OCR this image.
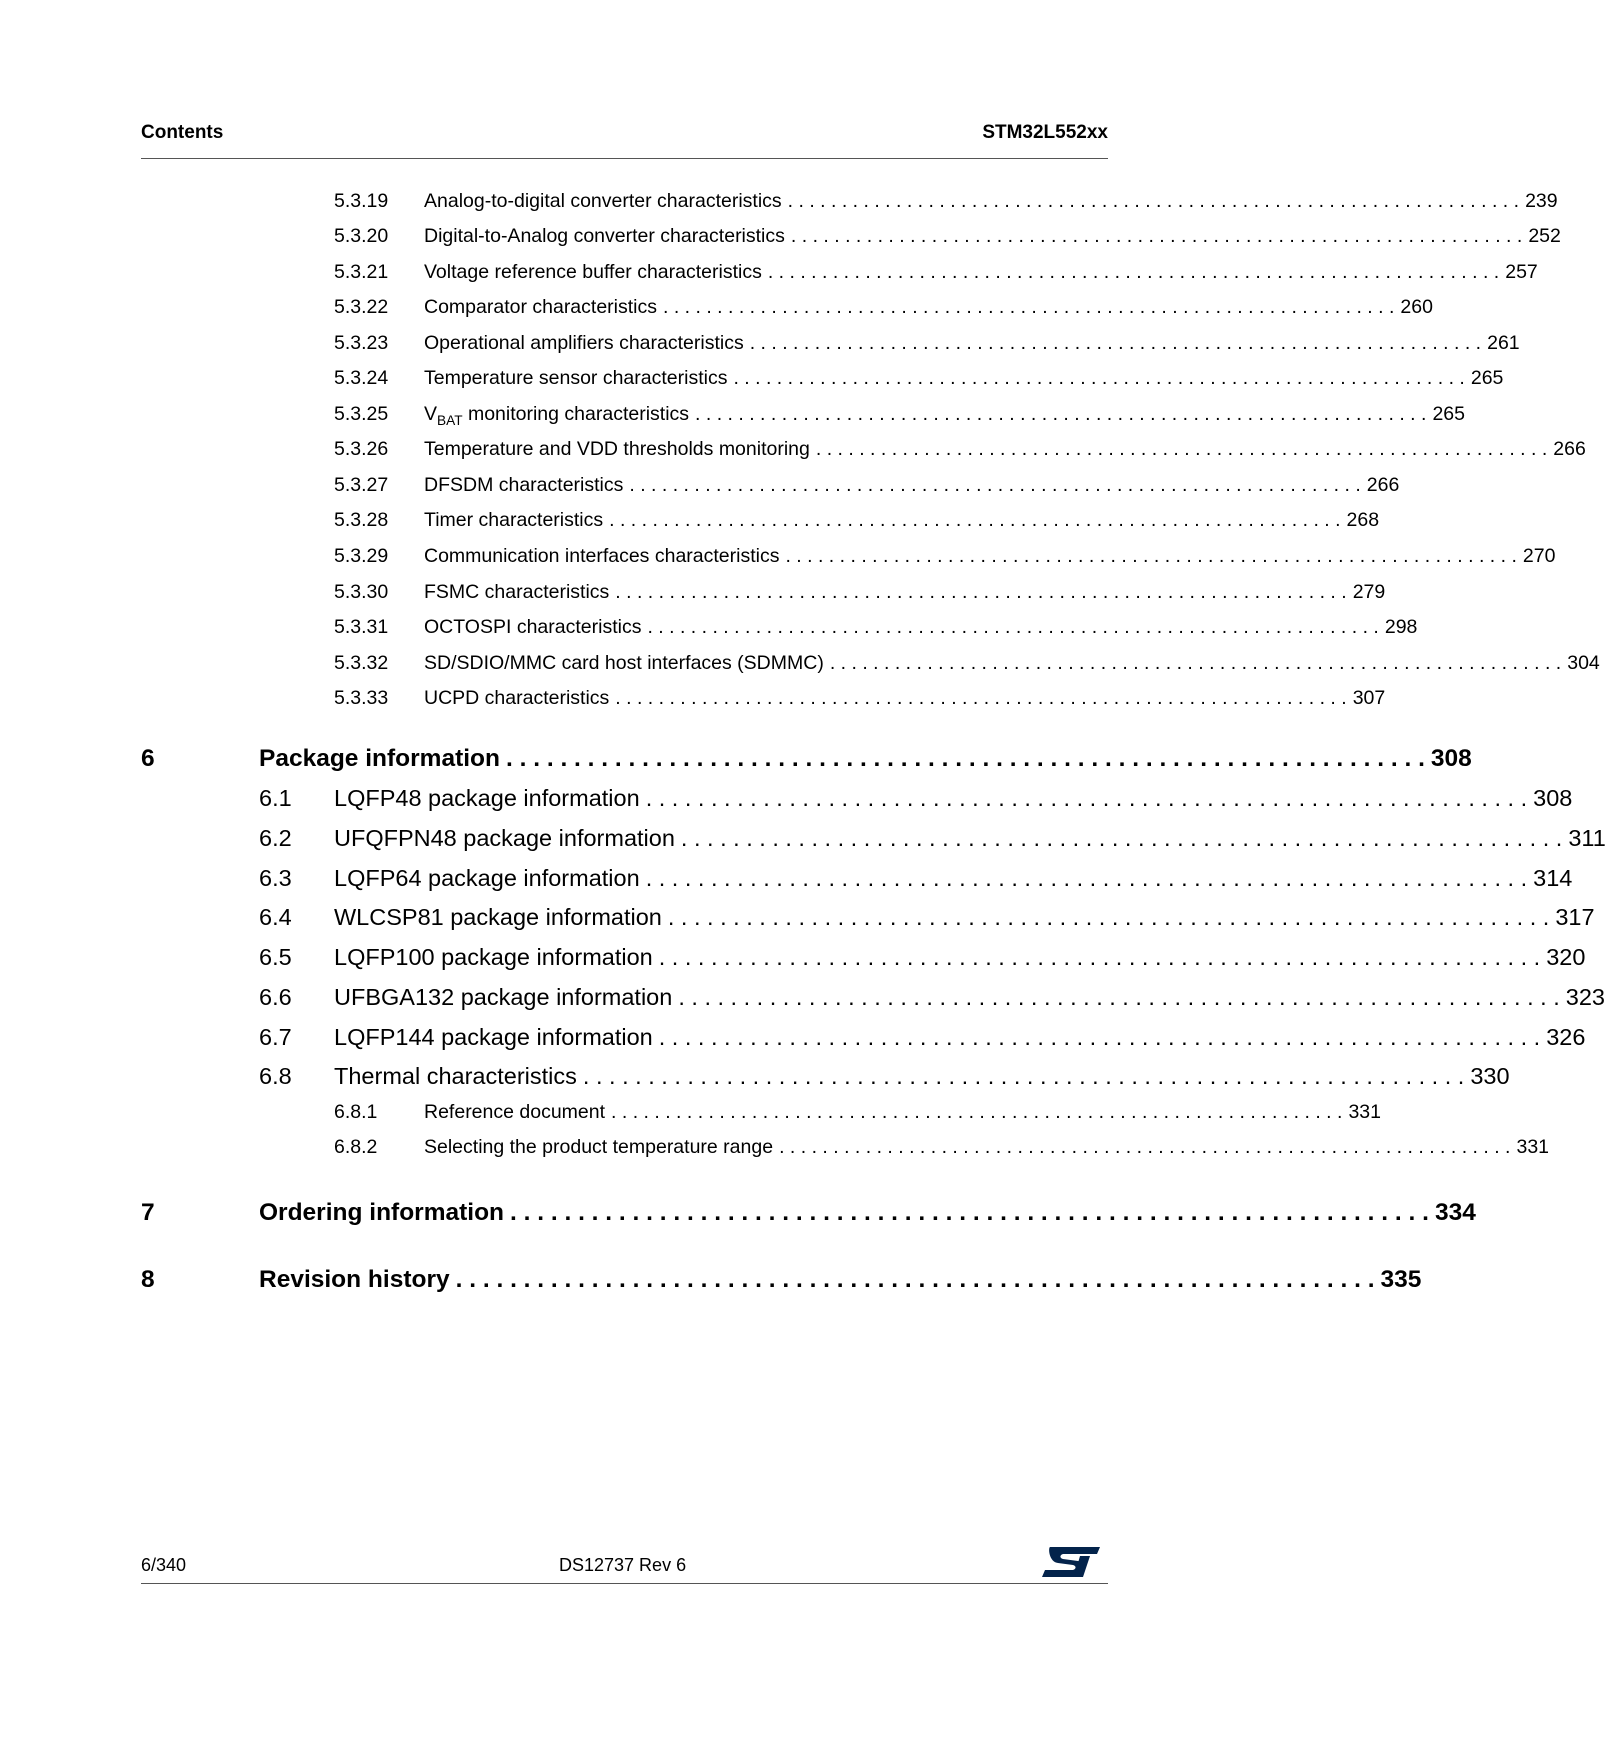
Contents	STM32L552xx
5.3.19 Analog-to-digital converter characteristics . . . . . . . . . . . . . . . . . . . . . . . . . . . . . . . . . . . . . . . . . . . . . . . . . . . . . . . . . . . . . . . . . . . . 239
5.3.20 Digital-to-Analog converter characteristics . . . . . . . . . . . . . . . . . . . . . . . . . . . . . . . . . . . . . . . . . . . . . . . . . . . . . . . . . . . . . . . . . . . . 252
5.3.21 Voltage reference buffer characteristics . . . . . . . . . . . . . . . . . . . . . . . . . . . . . . . . . . . . . . . . . . . . . . . . . . . . . . . . . . . . . . . . . . . . 257
5.3.22 Comparator characteristics . . . . . . . . . . . . . . . . . . . . . . . . . . . . . . . . . . . . . . . . . . . . . . . . . . . . . . . . . . . . . . . . . . . . 260
5.3.23 Operational amplifiers characteristics . . . . . . . . . . . . . . . . . . . . . . . . . . . . . . . . . . . . . . . . . . . . . . . . . . . . . . . . . . . . . . . . . . . . 261
5.3.24 Temperature sensor characteristics . . . . . . . . . . . . . . . . . . . . . . . . . . . . . . . . . . . . . . . . . . . . . . . . . . . . . . . . . . . . . . . . . . . . 265
5.3.25 $V_{BAT}$ monitoring characteristics . . . . . . . . . . . . . . . . . . . . . . . . . . . . . . . . . . . . . . . . . . . . . . . . . . . . . . . . . . . . . . . . . . . . 265
5.3.26 Temperature and VDD thresholds monitoring . . . . . . . . . . . . . . . . . . . . . . . . . . . . . . . . . . . . . . . . . . . . . . . . . . . . . . . . . . . . . . . . . . . . 266
5.3.27 DFSDM characteristics . . . . . . . . . . . . . . . . . . . . . . . . . . . . . . . . . . . . . . . . . . . . . . . . . . . . . . . . . . . . . . . . . . . . 266
5.3.28 Timer characteristics . . . . . . . . . . . . . . . . . . . . . . . . . . . . . . . . . . . . . . . . . . . . . . . . . . . . . . . . . . . . . . . . . . . . 268
5.3.29 Communication interfaces characteristics . . . . . . . . . . . . . . . . . . . . . . . . . . . . . . . . . . . . . . . . . . . . . . . . . . . . . . . . . . . . . . . . . . . . 270
5.3.30 FSMC characteristics . . . . . . . . . . . . . . . . . . . . . . . . . . . . . . . . . . . . . . . . . . . . . . . . . . . . . . . . . . . . . . . . . . . . 279
5.3.31 OCTOSPI characteristics . . . . . . . . . . . . . . . . . . . . . . . . . . . . . . . . . . . . . . . . . . . . . . . . . . . . . . . . . . . . . . . . . . . . 298
5.3.32 SD/SDIO/MMC card host interfaces (SDMMC) . . . . . . . . . . . . . . . . . . . . . . . . . . . . . . . . . . . . . . . . . . . . . . . . . . . . . . . . . . . . . . . . . . . . 304
5.3.33 UCPD characteristics . . . . . . . . . . . . . . . . . . . . . . . . . . . . . . . . . . . . . . . . . . . . . . . . . . . . . . . . . . . . . . . . . . . . 307
6	Package information . . . . . . . . . . . . . . . . . . . . . . . . . . . . . . . . . . . . . . . . . . . . . . . . . . . . . . . . . . . . . . . . . . . . 308
6.1 LQFP48 package information . . . . . . . . . . . . . . . . . . . . . . . . . . . . . . . . . . . . . . . . . . . . . . . . . . . . . . . . . . . . . . . . . . . . 308
6.2 UFQFPN48 package information . . . . . . . . . . . . . . . . . . . . . . . . . . . . . . . . . . . . . . . . . . . . . . . . . . . . . . . . . . . . . . . . . . . . 311
6.3 LQFP64 package information . . . . . . . . . . . . . . . . . . . . . . . . . . . . . . . . . . . . . . . . . . . . . . . . . . . . . . . . . . . . . . . . . . . . 314
6.4 WLCSP81 package information . . . . . . . . . . . . . . . . . . . . . . . . . . . . . . . . . . . . . . . . . . . . . . . . . . . . . . . . . . . . . . . . . . . . 317
6.5 LQFP100 package information . . . . . . . . . . . . . . . . . . . . . . . . . . . . . . . . . . . . . . . . . . . . . . . . . . . . . . . . . . . . . . . . . . . . 320
6.6 UFBGA132 package information . . . . . . . . . . . . . . . . . . . . . . . . . . . . . . . . . . . . . . . . . . . . . . . . . . . . . . . . . . . . . . . . . . . . 323
6.7 LQFP144 package information . . . . . . . . . . . . . . . . . . . . . . . . . . . . . . . . . . . . . . . . . . . . . . . . . . . . . . . . . . . . . . . . . . . . 326
6.8 Thermal characteristics . . . . . . . . . . . . . . . . . . . . . . . . . . . . . . . . . . . . . . . . . . . . . . . . . . . . . . . . . . . . . . . . . . . . 330
6.8.1 Reference document . . . . . . . . . . . . . . . . . . . . . . . . . . . . . . . . . . . . . . . . . . . . . . . . . . . . . . . . . . . . . . . . . . . . 331
6.8.2 Selecting the product temperature range . . . . . . . . . . . . . . . . . . . . . . . . . . . . . . . . . . . . . . . . . . . . . . . . . . . . . . . . . . . . . . . . . . . . 331
7	Ordering information . . . . . . . . . . . . . . . . . . . . . . . . . . . . . . . . . . . . . . . . . . . . . . . . . . . . . . . . . . . . . . . . . . . . 334
8	Revision history . . . . . . . . . . . . . . . . . . . . . . . . . . . . . . . . . . . . . . . . . . . . . . . . . . . . . . . . . . . . . . . . . . . . 335
6/340	DS12737 Rev 6
